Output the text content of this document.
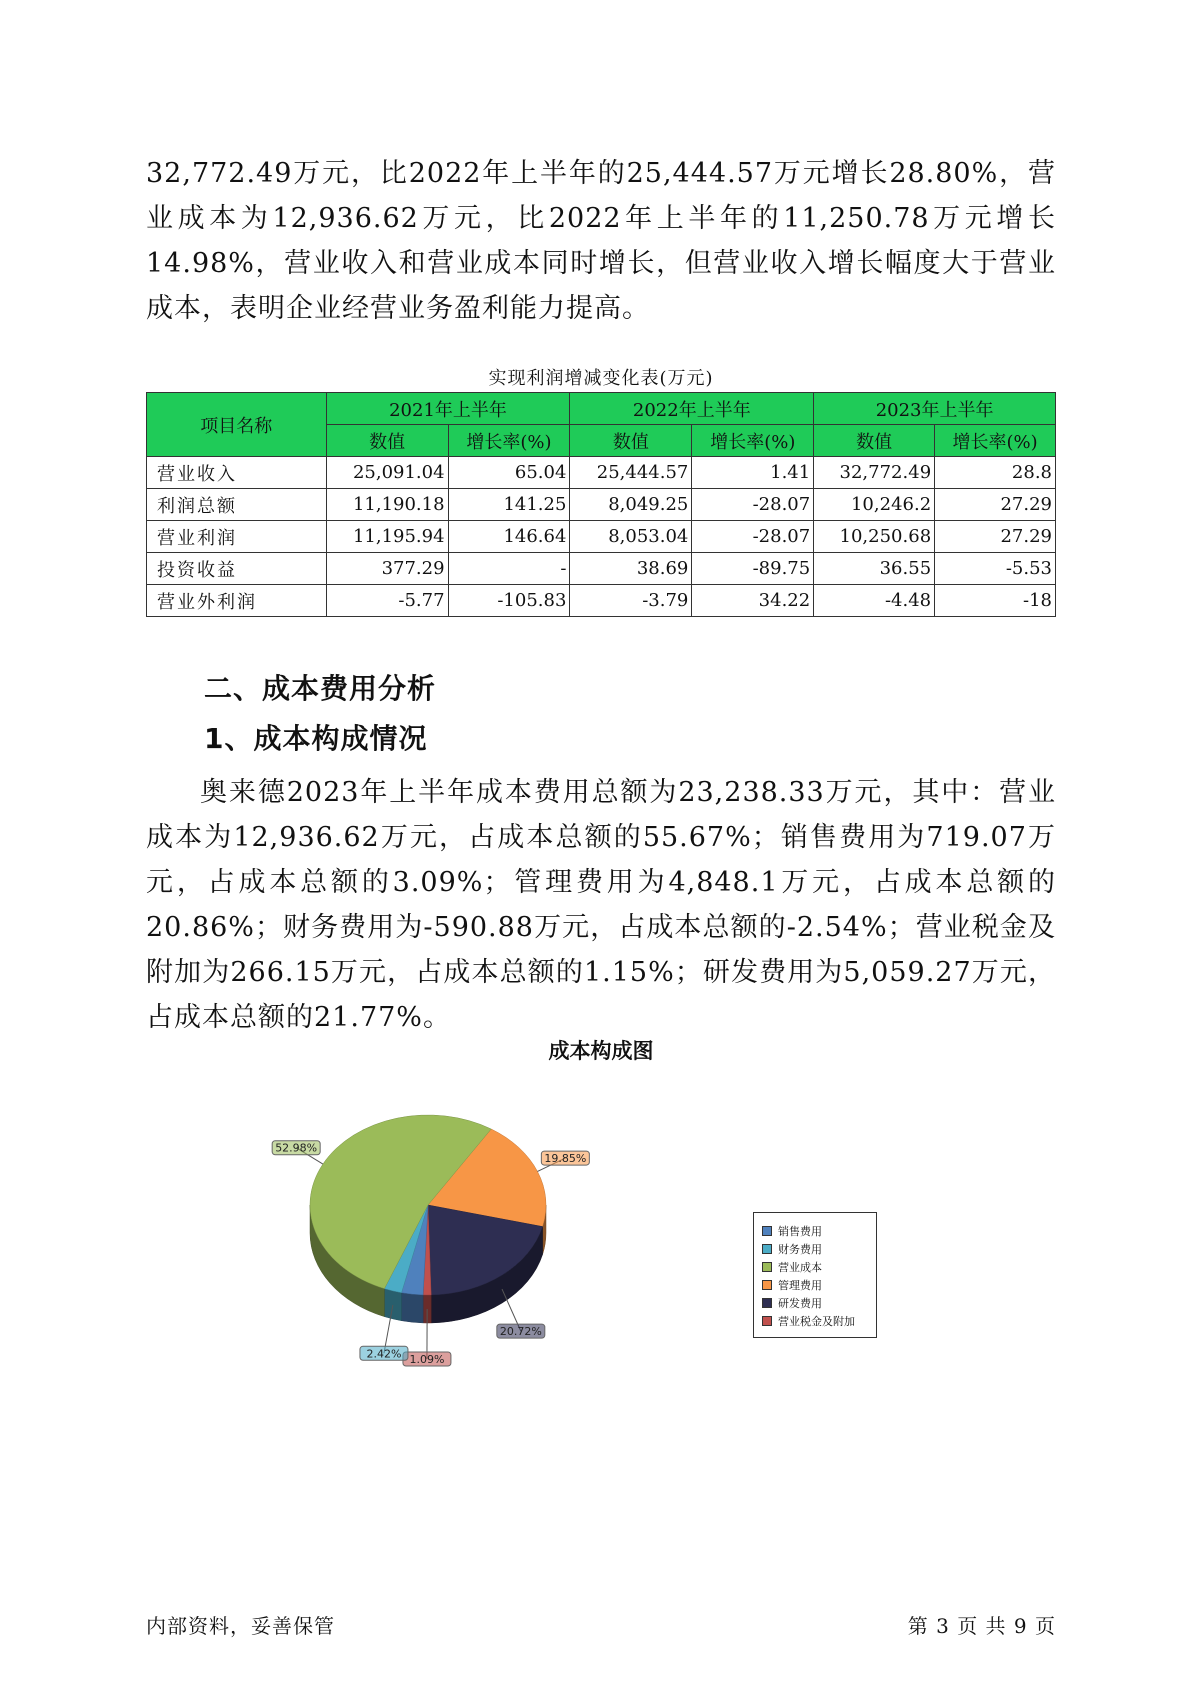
32,772.49万元，比2022年上半年的25,444.57万元增长28.80%，营业成本为12,936.62万元，比2022年上半年的11,250.78万元增长14.98%，营业收入和营业成本同时增长，但营业收入增长幅度大于营业成本，表明企业经营业务盈利能力提高。

实现利润增减变化表(万元)
项目名称	2021年上半年		2022年上半年		2023年上半年	
	数值	增长率(%)	数值	增长率(%)	数值	增长率(%)
营业收入	25,091.04	65.04	25,444.57	1.41	32,772.49	28.8
利润总额	11,190.18	141.25	8,049.25	-28.07	10,246.2	27.29
营业利润	11,195.94	146.64	8,053.04	-28.07	10,250.68	27.29
投资收益	377.29	-	38.69	-89.75	36.55	-5.53
营业外利润	-5.77	-105.83	-3.79	34.22	-4.48	-18
二、成本费用分析
1、成本构成情况

奥来德2023年上半年成本费用总额为23,238.33万元，其中：营业成本为12,936.62万元，占成本总额的55.67%；销售费用为719.07万元，占成本总额的3.09%；管理费用为4,848.1万元，占成本总额的20.86%；财务费用为-590.88万元，占成本总额的-2.54%；营业税金及附加为266.15万元，占成本总额的1.15%；研发费用为5,059.27万元，占成本总额的21.77%。

成本构成图
19.85%
20.72%
1.09%
2.42%
52.98%
销售费用
财务费用
营业成本
管理费用
研发费用
营业税金及附加
内部资料，妥善保管	第 3 页 共 9 页
